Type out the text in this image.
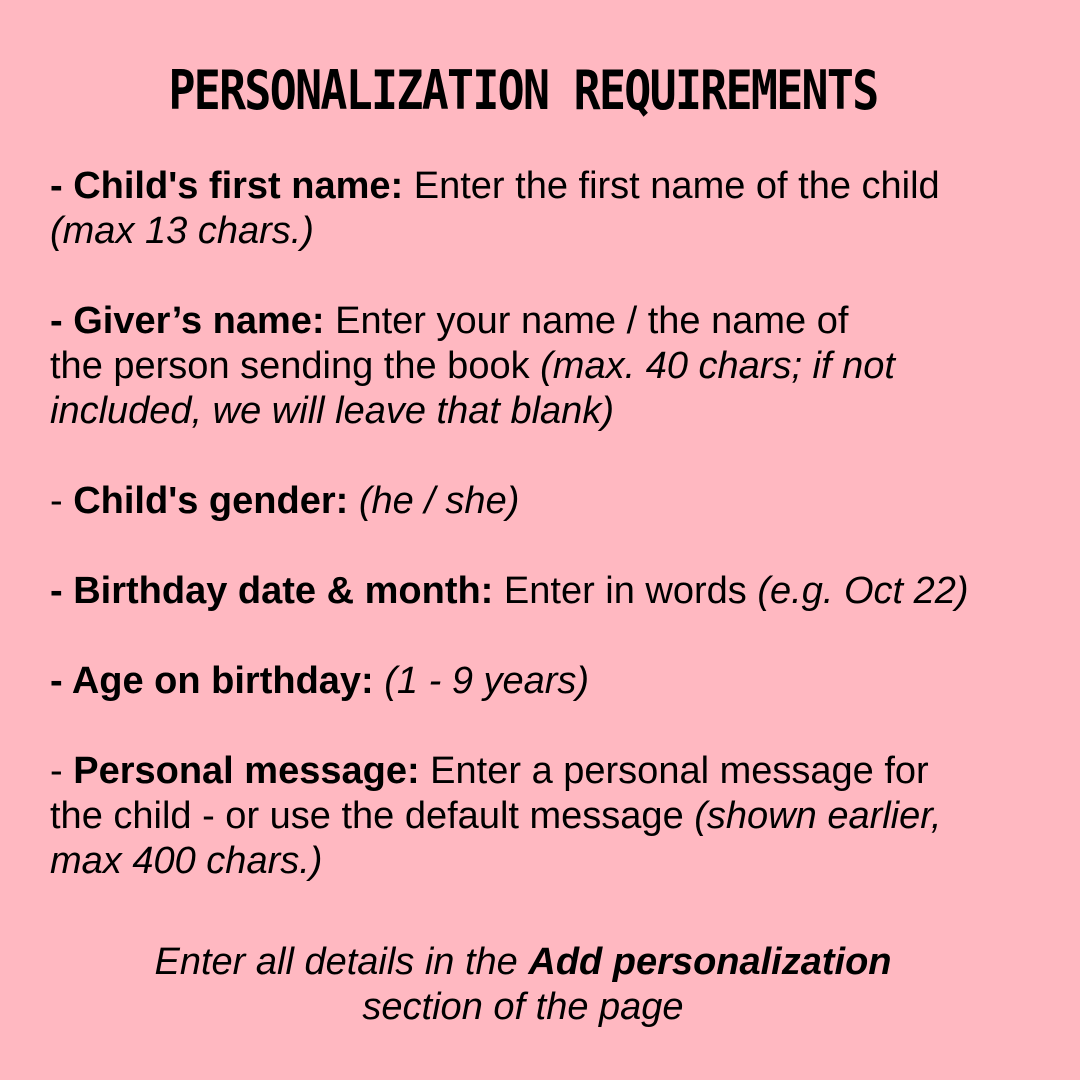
PERSONALIZATION REQUIREMENTS
- Child's first name: Enter the first name of the child
(max 13 chars.)
- Giver’s name: Enter your name / the name of
the person sending the book (max. 40 chars; if not
included, we will leave that blank)
- Child's gender: (he / she)
- Birthday date & month: Enter in words (e.g. Oct 22)
- Age on birthday: (1 - 9 years)
- Personal message: Enter a personal message for
the child - or use the default message (shown earlier,
max 400 chars.)
Enter all details in the Add personalization
section of the page
